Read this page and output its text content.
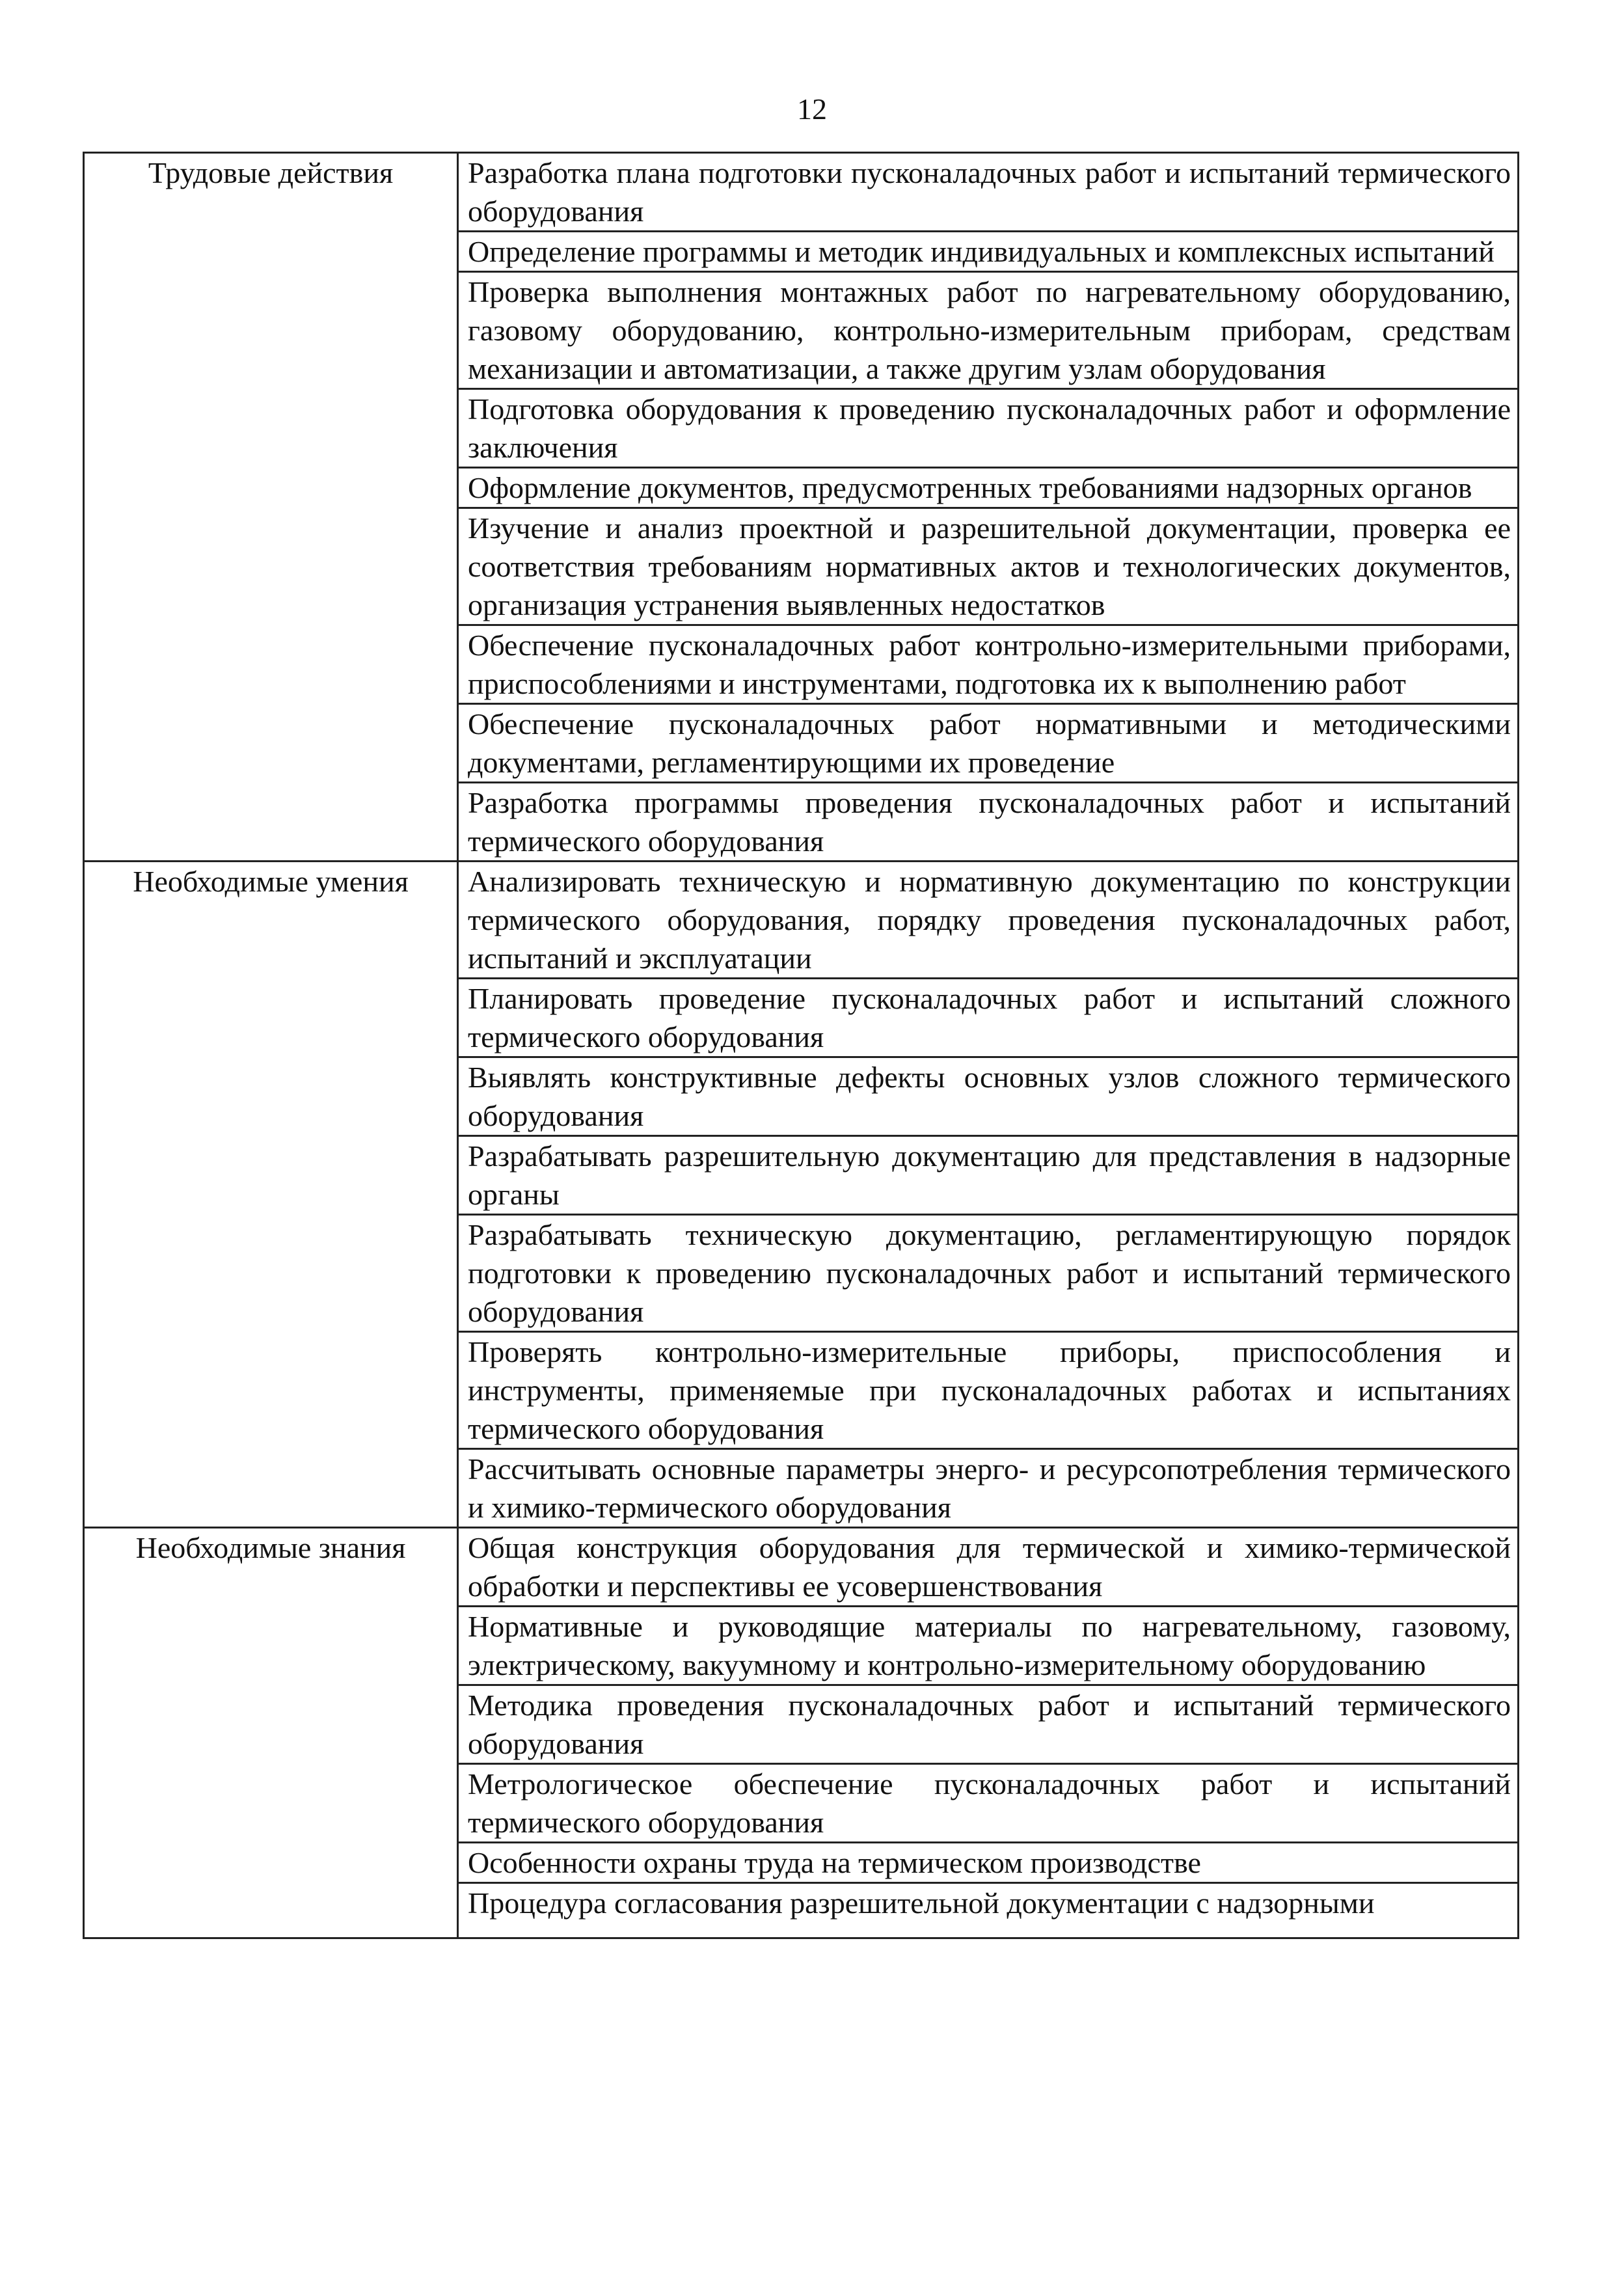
12
Трудовые действия	Разработка плана подготовки пусконаладочных работ и испытаний термического оборудования
	Определение программы и методик индивидуальных и комплексных испытаний
	Проверка выполнения монтажных работ по нагревательному оборудованию, газовому оборудованию, контрольно-измерительным приборам, средствам механизации и автоматизации, а также другим узлам оборудования
	Подготовка оборудования к проведению пусконаладочных работ и оформление заключения
	Оформление документов, предусмотренных требованиями надзорных органов
	Изучение и анализ проектной и разрешительной документации, проверка ее соответствия требованиям нормативных актов и технологических документов, организация устранения выявленных недостатков
	Обеспечение пусконаладочных работ контрольно-измерительными приборами, приспособлениями и инструментами, подготовка их к выполнению работ
	Обеспечение пусконаладочных работ нормативными и методическими документами, регламентирующими их проведение
	Разработка программы проведения пусконаладочных работ и испытаний термического оборудования
Необходимые умения	Анализировать техническую и нормативную документацию по конструкции термического оборудования, порядку проведения пусконаладочных работ, испытаний и эксплуатации
	Планировать проведение пусконаладочных работ и испытаний сложного термического оборудования
	Выявлять конструктивные дефекты основных узлов сложного термического оборудования
	Разрабатывать разрешительную документацию для представления в надзорные органы
	Разрабатывать техническую документацию, регламентирующую порядок подготовки к проведению пусконаладочных работ и испытаний термического оборудования
	Проверять контрольно-измерительные приборы, приспособления и инструменты, применяемые при пусконаладочных работах и испытаниях термического оборудования
	Рассчитывать основные параметры энерго- и ресурсопотребления термического и химико-термического оборудования
Необходимые знания	Общая конструкция оборудования для термической и химико-термической обработки и перспективы ее усовершенствования
	Нормативные и руководящие материалы по нагревательному, газовому, электрическому, вакуумному и контрольно-измерительному оборудованию
	Методика проведения пусконаладочных работ и испытаний термического оборудования
	Метрологическое обеспечение пусконаладочных работ и испытаний термического оборудования
	Особенности охраны труда на термическом производстве
	Процедура согласования разрешительной документации с надзорными
